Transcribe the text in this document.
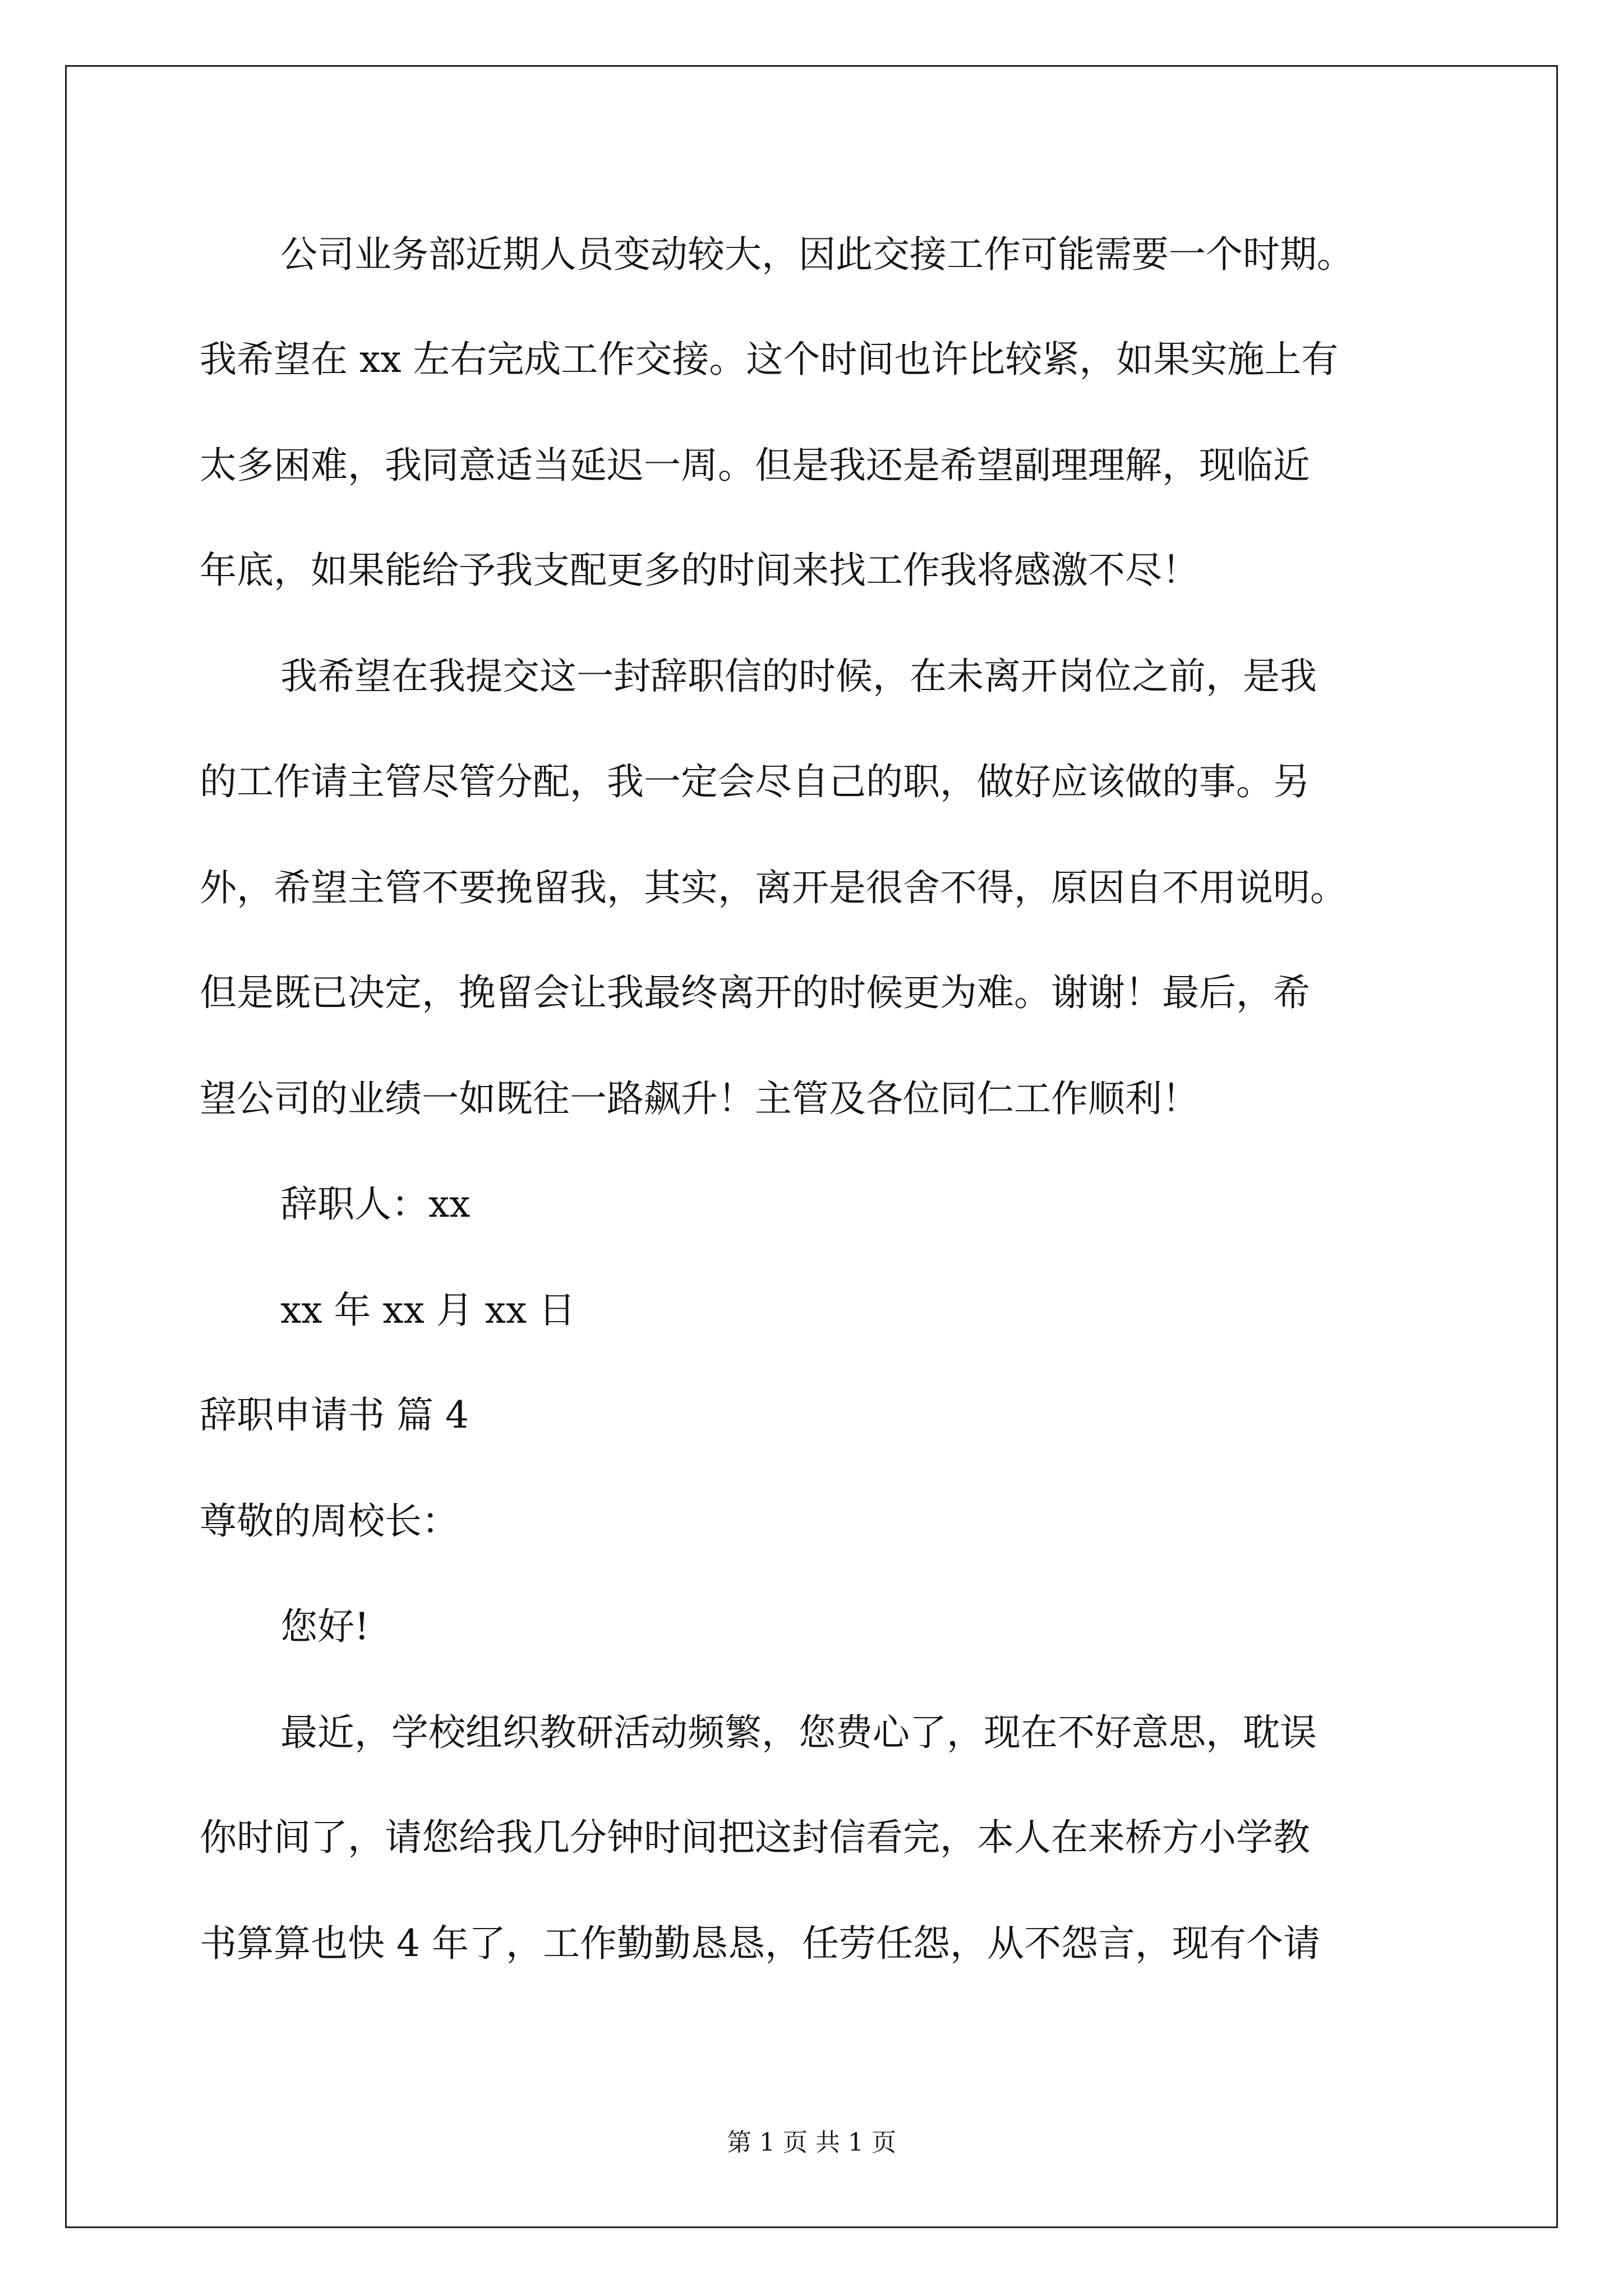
公司业务部近期人员变动较大，因此交接工作可能需要一个时期。
我希望在 xx 左右完成工作交接。这个时间也许比较紧，如果实施上有
太多困难，我同意适当延迟一周。但是我还是希望副理理解，现临近
年底，如果能给予我支配更多的时间来找工作我将感激不尽！
我希望在我提交这一封辞职信的时候，在未离开岗位之前，是我
的工作请主管尽管分配，我一定会尽自己的职，做好应该做的事。另
外，希望主管不要挽留我，其实，离开是很舍不得，原因自不用说明。
但是既已决定，挽留会让我最终离开的时候更为难。谢谢！最后，希
望公司的业绩一如既往一路飙升！主管及各位同仁工作顺利！
辞职人：xx
xx 年 xx 月 xx 日
辞职申请书 篇 4
尊敬的周校长：
您好!
最近，学校组织教研活动频繁，您费心了，现在不好意思，耽误
你时间了，请您给我几分钟时间把这封信看完，本人在来桥方小学教
书算算也快 4 年了，工作勤勤恳恳，任劳任怨，从不怨言，现有个请
第 1 页 共 1 页
